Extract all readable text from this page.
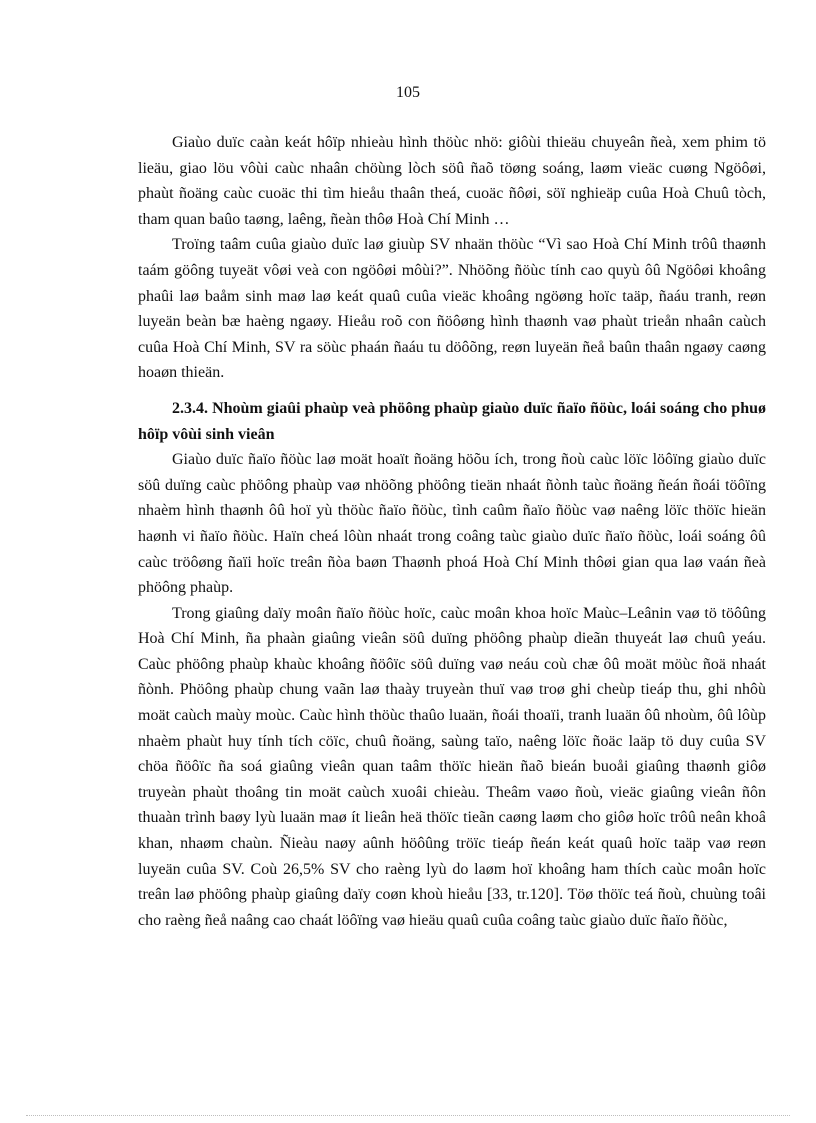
105

Giaùo duïc caàn keát hôïp nhieàu hình thöùc nhö: giôùi thieäu chuyeân ñeà, xem phim tö lieäu, giao löu vôùi caùc nhaân chöùng lòch söû ñaõ töøng soáng, laøm vieäc cuøng Ngöôøi, phaùt ñoäng caùc cuoäc thi tìm hieåu thaân theá, cuoäc ñôøi, söï nghieäp cuûa Hoà Chuû tòch, tham quan baûo taøng, laêng, ñeàn thôø Hoà Chí Minh …

Troïng taâm cuûa giaùo duïc laø giuùp SV nhaän thöùc “Vì sao Hoà Chí Minh trôû thaønh taám göông tuyeät vôøi veà con ngöôøi môùi?”. Nhöõng ñöùc tính cao quyù ôû Ngöôøi khoâng phaûi laø baåm sinh maø laø keát quaû cuûa vieäc khoâng ngöøng hoïc taäp, ñaáu tranh, reøn luyeän beàn bæ haèng ngaøy. Hieåu roõ con ñöôøng hình thaønh vaø phaùt trieån nhaân caùch cuûa Hoà Chí Minh, SV ra söùc phaán ñaáu tu döôõng, reøn luyeän ñeå baûn thaân ngaøy caøng hoaøn thieän.

2.3.4. Nhoùm giaûi phaùp veà phöông phaùp giaùo duïc ñaïo ñöùc, loái soáng cho phuø hôïp vôùi sinh vieân

Giaùo duïc ñaïo ñöùc laø moät hoaït ñoäng höõu ích, trong ñoù caùc löïc löôïng giaùo duïc söû duïng caùc phöông phaùp vaø nhöõng phöông tieän nhaát ñònh taùc ñoäng ñeán ñoái töôïng nhaèm hình thaønh ôû hoï yù thöùc ñaïo ñöùc, tình caûm ñaïo ñöùc vaø naêng löïc thöïc hieän haønh vi ñaïo ñöùc. Haïn cheá lôùn nhaát trong coâng taùc giaùo duïc ñaïo ñöùc, loái soáng ôû caùc tröôøng ñaïi hoïc treân ñòa baøn Thaønh phoá Hoà Chí Minh thôøi gian qua laø vaán ñeà phöông phaùp.

Trong giaûng daïy moân ñaïo ñöùc hoïc, caùc moân khoa hoïc Maùc–Leânin vaø tö töôûng Hoà Chí Minh, ña phaàn giaûng vieân söû duïng phöông phaùp dieãn thuyeát laø chuû yeáu. Caùc phöông phaùp khaùc khoâng ñöôïc söû duïng vaø neáu coù chæ ôû moät möùc ñoä nhaát ñònh. Phöông phaùp chung vaãn laø thaày truyeàn thuï vaø troø ghi cheùp tieáp thu, ghi nhôù moät caùch maùy moùc. Caùc hình thöùc thaûo luaän, ñoái thoaïi, tranh luaän ôû nhoùm, ôû lôùp nhaèm phaùt huy tính tích cöïc, chuû ñoäng, saùng taïo, naêng löïc ñoäc laäp tö duy cuûa SV chöa ñöôïc ña soá giaûng vieân quan taâm thöïc hieän ñaõ bieán buoåi giaûng thaønh giôø truyeàn phaùt thoâng tin moät caùch xuoâi chieàu. Theâm vaøo ñoù, vieäc giaûng vieân ñôn thuaàn trình baøy lyù luaän maø ít lieân heä thöïc tieãn caøng laøm cho giôø hoïc trôû neân khoâ khan, nhaøm chaùn. Ñieàu naøy aûnh höôûng tröïc tieáp ñeán keát quaû hoïc taäp vaø reøn luyeän cuûa SV. Coù 26,5% SV cho raèng lyù do laøm hoï khoâng ham thích caùc moân hoïc treân laø phöông phaùp giaûng daïy coøn khoù hieåu [33, tr.120]. Töø thöïc teá ñoù, chuùng toâi cho raèng ñeå naâng cao chaát löôïng vaø hieäu quaû cuûa coâng taùc giaùo duïc ñaïo ñöùc,
